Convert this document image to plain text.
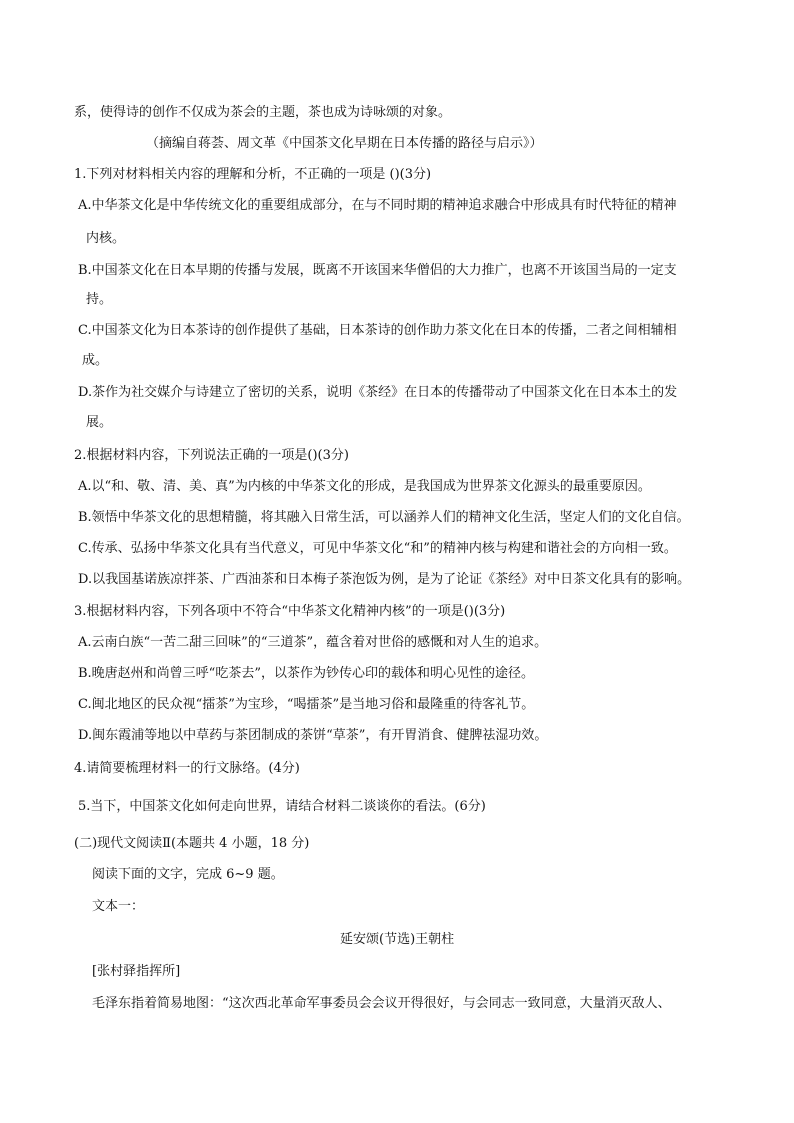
系，使得诗的创作不仅成为茶会的主题，茶也成为诗咏颂的对象。
（摘编自蒋荟、周文革《中国茶文化早期在日本传播的路径与启示》）
1.下列对材料相关内容的理解和分析，不正确的一项是 ()(3分)
A.中华茶文化是中华传统文化的重要组成部分，在与不同时期的精神追求融合中形成具有时代特征的精神
内核。
B.中国茶文化在日本早期的传播与发展，既离不开该国来华僧侣的大力推广，也离不开该国当局的一定支
持。
C.中国茶文化为日本茶诗的创作提供了基础，日本茶诗的创作助力茶文化在日本的传播，二者之间相辅相
成。
D.茶作为社交媒介与诗建立了密切的关系，说明《茶经》在日本的传播带动了中国茶文化在日本本土的发
展。
2.根据材料内容，下列说法正确的一项是()(3分)
A.以“和、敬、清、美、真”为内核的中华茶文化的形成，是我国成为世界茶文化源头的最重要原因。
B.领悟中华茶文化的思想精髓，将其融入日常生活，可以涵养人们的精神文化生活，坚定人们的文化自信。
C.传承、弘扬中华茶文化具有当代意义，可见中华茶文化“和”的精神内核与构建和谐社会的方向相一致。
D.以我国基诺族凉拌茶、广西油茶和日本梅子茶泡饭为例，是为了论证《茶经》对中日茶文化具有的影响。
3.根据材料内容，下列各项中不符合“中华茶文化精神内核”的一项是()(3分)
A.云南白族“一苦二甜三回味”的“三道茶”，蕴含着对世俗的感慨和对人生的追求。
B.晚唐赵州和尚曾三呼“吃茶去”，以茶作为钞传心印的载体和明心见性的途径。
C.闽北地区的民众视“擂茶”为宝珍，“喝擂茶”是当地习俗和最隆重的待客礼节。
D.闽东霞浦等地以中草药与茶团制成的茶饼“草茶”，有开胃消食、健脾祛湿功效。
4.请简要梳理材料一的行文脉络。(4分)
5.当下，中国茶文化如何走向世界，请结合材料二谈谈你的看法。(6分)
(二)现代文阅读Ⅱ(本题共 4 小题，18 分)
阅读下面的文字，完成 6~9 题。
文本一：
延安颂(节选)王朝柱
[张村驿指挥所]
毛泽东指着简易地图：“这次西北革命军事委员会会议开得很好，与会同志一致同意，大量消灭敌人、
